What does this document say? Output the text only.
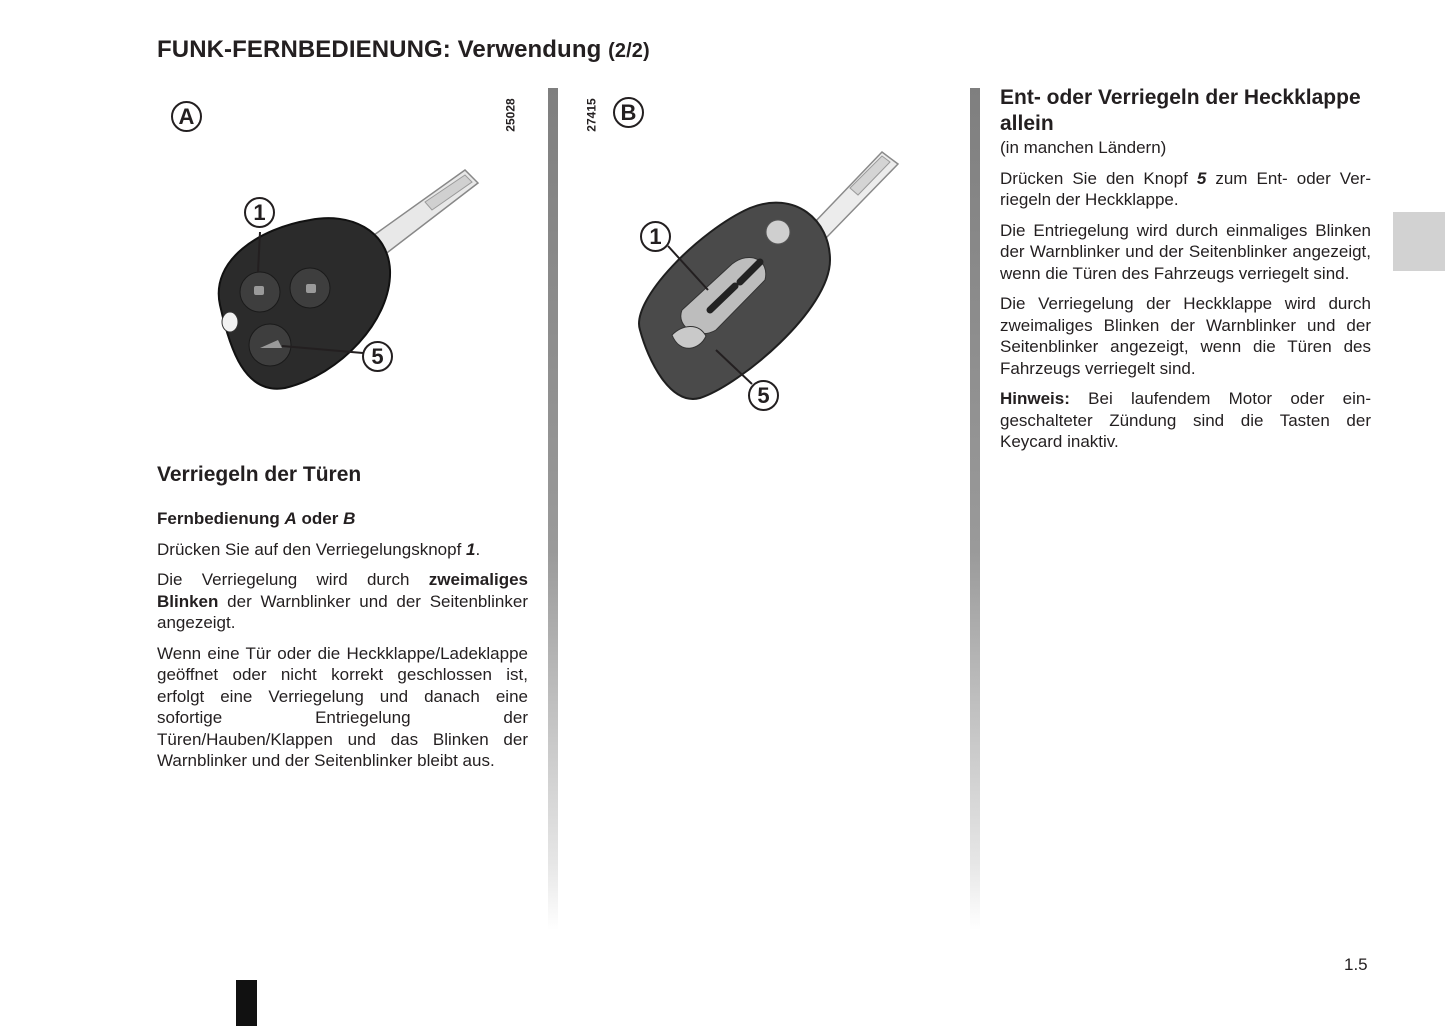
FUNK-FERNBEDIENUNG: Verwendung (2/2)
A	25028
1
5
B
27415
1
5
Verriegeln der Türen
Fernbedienung A oder B

Drücken Sie auf den Verriegelungsknopf 1.

Die Verriegelung wird durch zweimaliges Blinken der Warnblinker und der Seitenblinker angezeigt.

Wenn eine Tür oder die Heckklappe/Ladeklappe geöffnet oder nicht korrekt geschlossen ist, erfolgt eine Verriegelung und danach eine sofortige Entriegelung der Türen/Hauben/Klappen und das Blinken der Warnblinker und der Seitenblinker bleibt aus.

Ent- oder Verriegeln der Heckklappe allein
(in manchen Ländern)

Drücken Sie den Knopf 5 zum Ent- oder Verriegeln der Heckklappe.

Die Entriegelung wird durch einmaliges Blinken der Warnblinker und der Seitenblinker angezeigt, wenn die Türen des Fahrzeugs verriegelt sind.

Die Verriegelung der Heckklappe wird durch zweimaliges Blinken der Warnblinker und der Seitenblinker angezeigt, wenn die Türen des Fahrzeugs verriegelt sind.

Hinweis: Bei laufendem Motor oder eingeschalteter Zündung sind die Tasten der Keycard inaktiv.

1.5
